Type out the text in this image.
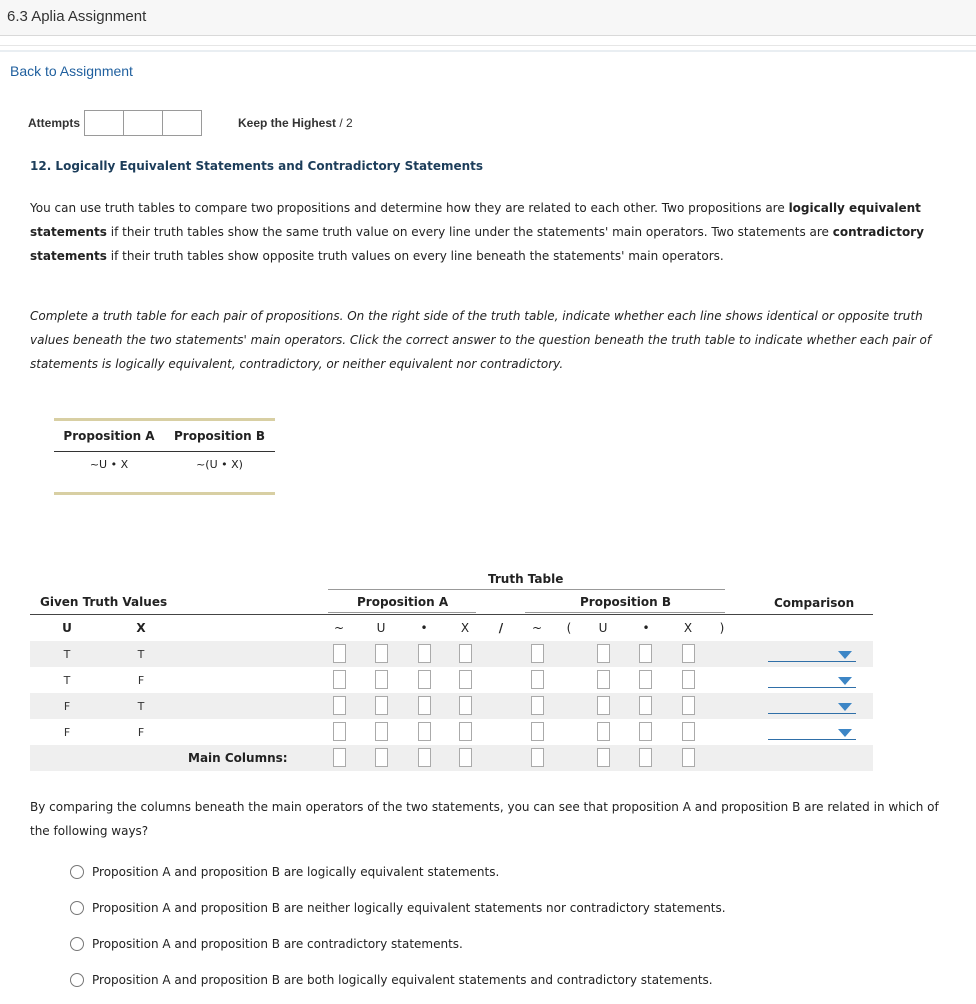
6.3 Aplia Assignment
Back to Assignment
Attempts	Keep the Highest / 2
12. Logically Equivalent Statements and Contradictory Statements
You can use truth tables to compare two propositions and determine how they are related to each other. Two propositions are logically equivalent statements if their truth tables show the same truth value on every line under the statements' main operators. Two statements are contradictory statements if their truth tables show opposite truth values on every line beneath the statements' main operators.
Complete a truth table for each pair of propositions. On the right side of the truth table, indicate whether each line shows identical or opposite truth values beneath the two statements' main operators. Click the correct answer to the question beneath the truth table to indicate whether each pair of statements is logically equivalent, contradictory, or neither equivalent nor contradictory.
Proposition A	Proposition B
~U • X	~(U • X)
Truth Table
Given Truth Values	Proposition A	Proposition B	Comparison
U	X	~	U	•	X	/	~	(	U	•	X	)
T	T
T	F
F	T
F	F
Main Columns:
By comparing the columns beneath the main operators of the two statements, you can see that proposition A and proposition B are related in which of the following ways?
Proposition A and proposition B are logically equivalent statements.
Proposition A and proposition B are neither logically equivalent statements nor contradictory statements.
Proposition A and proposition B are contradictory statements.
Proposition A and proposition B are both logically equivalent statements and contradictory statements.
